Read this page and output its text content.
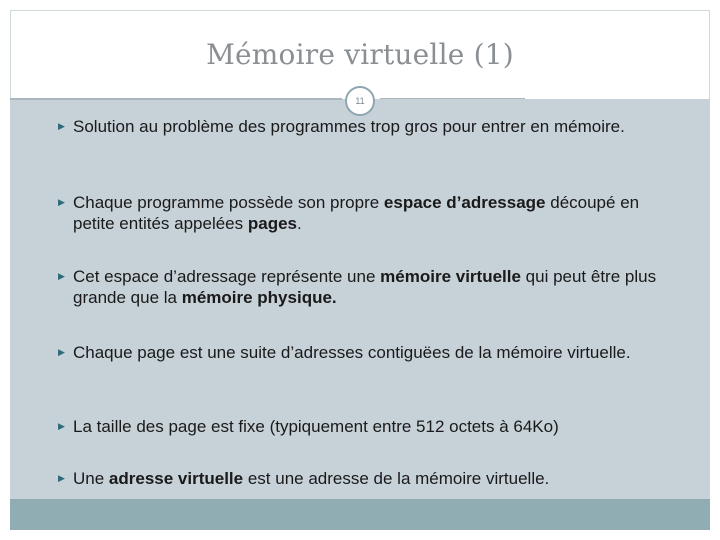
Mémoire virtuelle (1)
11
▶ Solution au problème des programmes trop gros pour entrer en mémoire.
▶ Chaque programme possède son propre espace d’adressage découpé en petite entités appelées pages.
▶ Cet espace d’adressage représente une mémoire virtuelle qui peut être plus grande que la mémoire physique.
▶ Chaque page est une suite d’adresses contiguëes de la mémoire virtuelle.
▶ La taille des page est fixe (typiquement entre 512 octets à 64Ko)
▶ Une adresse virtuelle est une adresse de la mémoire virtuelle.
